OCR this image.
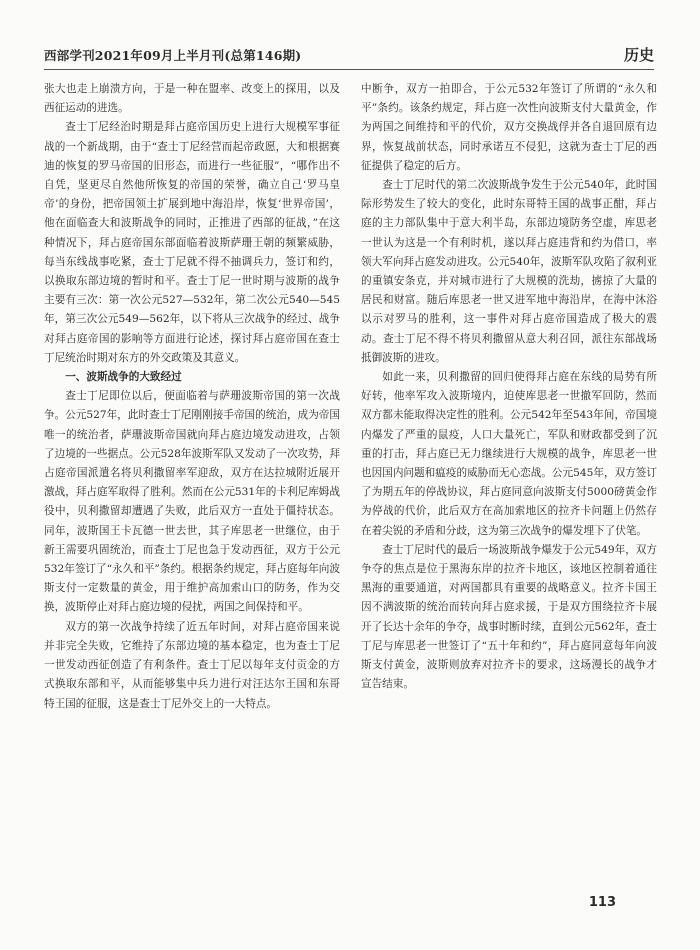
西部学刊2021年09月上半月刊(总第146期)	历史

张大也走上崩溃方向，于是一种在盟率、改变上的探用，以及西征运动的进选。

查士丁尼经治时期是拜占庭帝国历史上进行大规模军事征战的一个新战期，由于“查士丁尼经营而起帝政愿，大和根据赛迪的恢复的罗马帝国的旧形态，而进行一些征服”，“哪作出不自凭，坚更尽自然他所恢复的帝国的荣誉，确立自己‘罗马皇帝’的身份，把帝国领土扩展到地中海沿岸，恢复‘世界帝国’，他在面临查大和波斯战争的同时，正推进了西部的征战，”在这种情况下，拜占庭帝国东部面临着波斯萨珊王朝的频繁威胁，每当东线战事吃紧，查士丁尼就不得不抽调兵力，签订和约，以换取东部边境的暂时和平。查士丁尼一世时期与波斯的战争主要有三次：第一次公元527—532年，第二次公元540—545年，第三次公元549—562年，以下将从三次战争的经过、战争对拜占庭帝国的影响等方面进行论述，探讨拜占庭帝国在查士丁尼统治时期对东方的外交政策及其意义。

一、波斯战争的大致经过

查士丁尼即位以后，便面临着与萨珊波斯帝国的第一次战争。公元527年，此时查士丁尼刚刚接手帝国的统治，成为帝国唯一的统治者，萨珊波斯帝国就向拜占庭边境发动进攻，占领了边境的一些据点。公元528年波斯军队又发动了一次攻势，拜占庭帝国派遣名将贝利撒留率军迎敌，双方在达拉城附近展开激战，拜占庭军取得了胜利。然而在公元531年的卡利尼库姆战役中，贝利撒留却遭遇了失败，此后双方一直处于僵持状态。同年，波斯国王卡瓦德一世去世，其子库思老一世继位，由于新王需要巩固统治，而查士丁尼也急于发动西征，双方于公元532年签订了“永久和平”条约。根据条约规定，拜占庭每年向波斯支付一定数量的黄金，用于维护高加索山口的防务，作为交换，波斯停止对拜占庭边境的侵扰，两国之间保持和平。

双方的第一次战争持续了近五年时间，对拜占庭帝国来说并非完全失败，它维持了东部边境的基本稳定，也为查士丁尼一世发动西征创造了有利条件。查士丁尼以每年支付贡金的方式换取东部和平，从而能够集中兵力进行对汪达尔王国和东哥特王国的征服，这是查士丁尼外交上的一大特点。

中断争，双方一拍即合，于公元532年签订了所谓的“永久和平”条约。该条约规定，拜占庭一次性向波斯支付大量黄金，作为两国之间维持和平的代价，双方交换战俘并各自退回原有边界，恢复战前状态，同时承诺互不侵犯，这就为查士丁尼的西征提供了稳定的后方。

查士丁尼时代的第二次波斯战争发生于公元540年，此时国际形势发生了较大的变化，此时东哥特王国的战事正酣，拜占庭的主力部队集中于意大利半岛，东部边境防务空虚，库思老一世认为这是一个有利时机，遂以拜占庭违背和约为借口，率领大军向拜占庭发动进攻。公元540年，波斯军队攻陷了叙利亚的重镇安条克，并对城市进行了大规模的洗劫，掳掠了大量的居民和财富。随后库思老一世又进军地中海沿岸，在海中沐浴以示对罗马的胜利，这一事件对拜占庭帝国造成了极大的震动。查士丁尼不得不将贝利撒留从意大利召回，派往东部战场抵御波斯的进攻。

如此一来，贝利撒留的回归使得拜占庭在东线的局势有所好转，他率军攻入波斯境内，迫使库思老一世撤军回防，然而双方都未能取得决定性的胜利。公元542年至543年间，帝国境内爆发了严重的鼠疫，人口大量死亡，军队和财政都受到了沉重的打击，拜占庭已无力继续进行大规模的战争，库思老一世也因国内问题和瘟疫的威胁而无心恋战。公元545年，双方签订了为期五年的停战协议，拜占庭同意向波斯支付5000磅黄金作为停战的代价，此后双方在高加索地区的拉齐卡问题上仍然存在着尖锐的矛盾和分歧，这为第三次战争的爆发埋下了伏笔。

查士丁尼时代的最后一场波斯战争爆发于公元549年，双方争夺的焦点是位于黑海东岸的拉齐卡地区，该地区控制着通往黑海的重要通道，对两国都具有重要的战略意义。拉齐卡国王因不满波斯的统治而转向拜占庭求援，于是双方围绕拉齐卡展开了长达十余年的争夺，战事时断时续，直到公元562年，查士丁尼与库思老一世签订了“五十年和约”，拜占庭同意每年向波斯支付黄金，波斯则放弃对拉齐卡的要求，这场漫长的战争才宣告结束。

113
